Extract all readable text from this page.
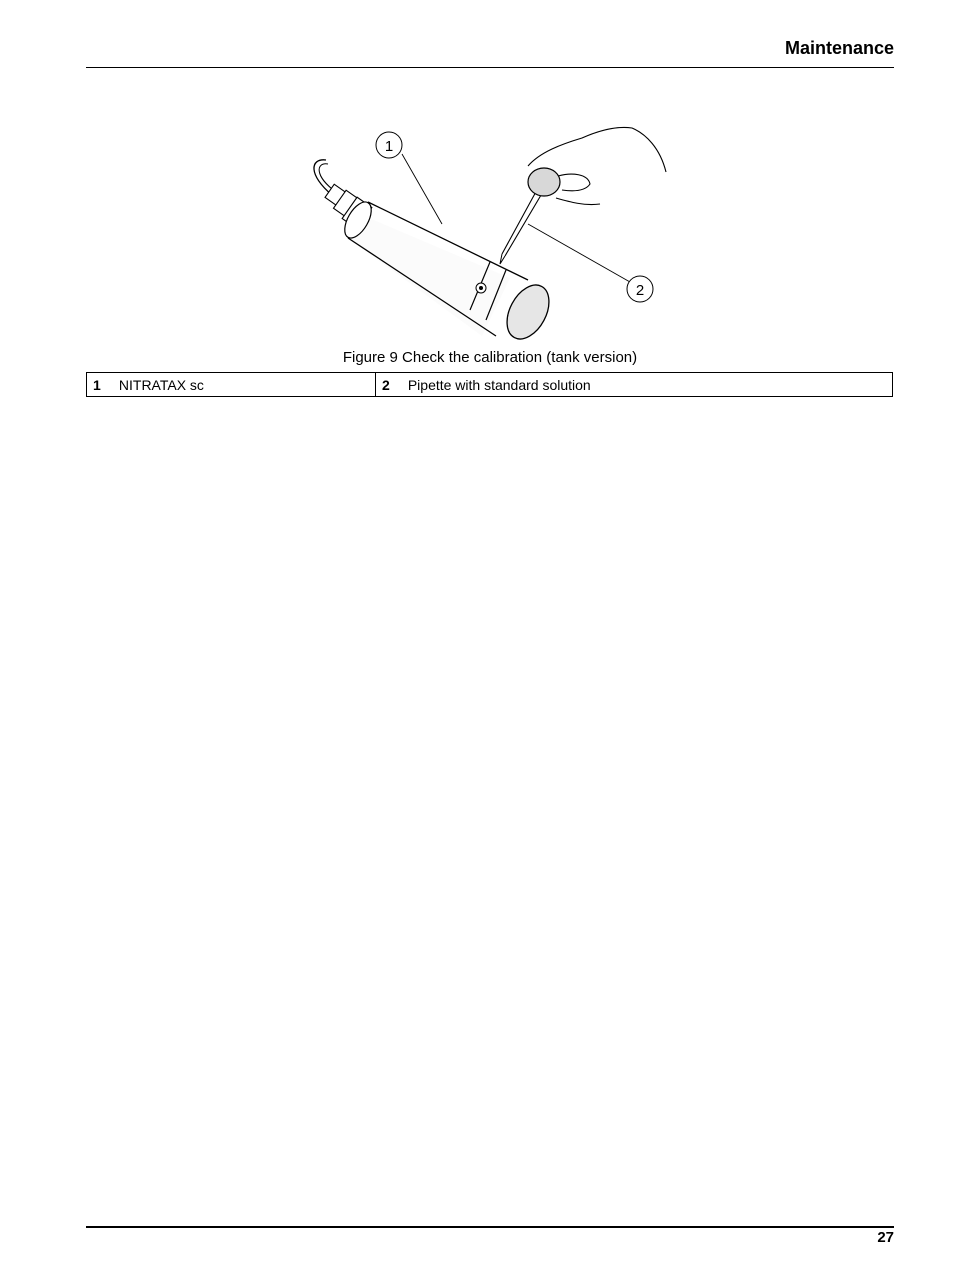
Maintenance
1
2
Figure 9 Check the calibration (tank version)
1 NITRATAX sc	2 Pipette with standard solution
27
